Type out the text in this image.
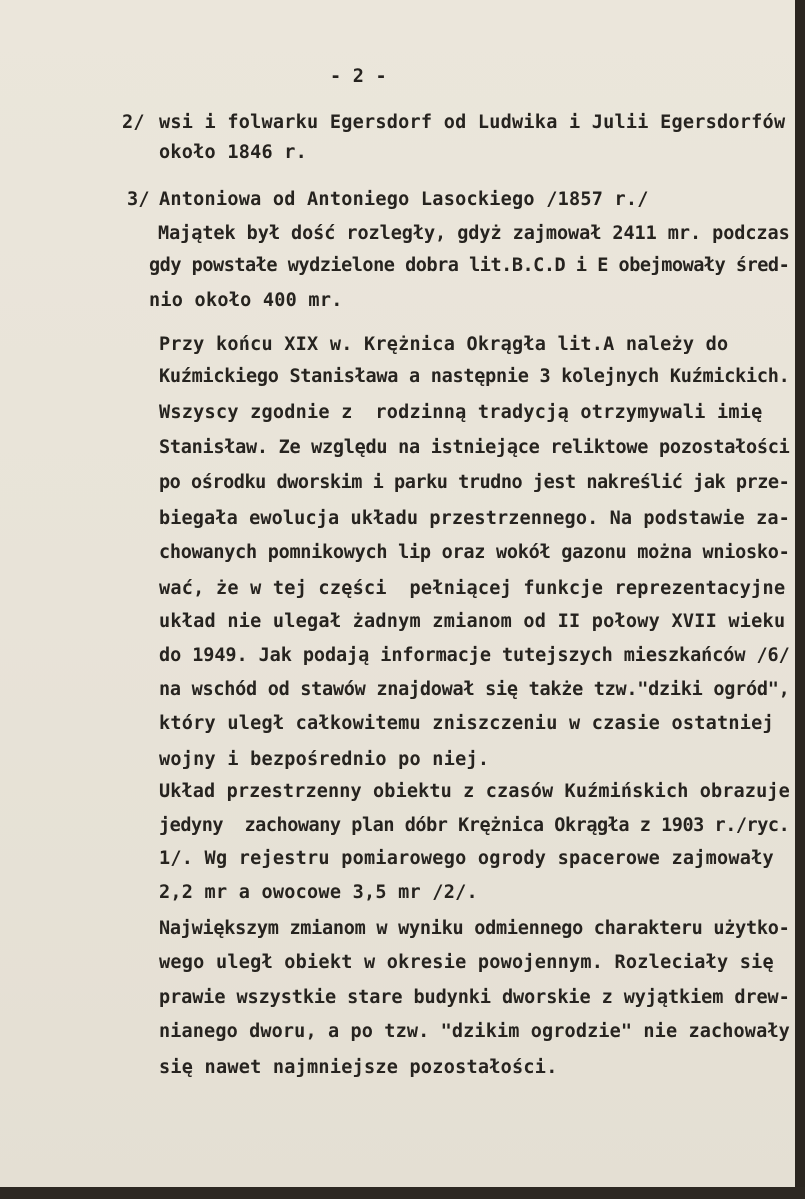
- 2 -
2/ wsi i folwarku Egersdorf od Ludwika i Julii Egersdorfów
około 1846 r.
3/ Antoniowa od Antoniego Lasockiego /1857 r./
Majątek był dość rozległy, gdyż zajmował 2411 mr. podczas
gdy powstałe wydzielone dobra lit.B.C.D i E obejmowały śred-
nio około 400 mr.
Przy końcu XIX w. Krężnica Okrągła lit.A należy do
Kuźmickiego Stanisława a następnie 3 kolejnych Kuźmickich.
Wszyscy zgodnie z  rodzinną tradycją otrzymywali imię
Stanisław. Ze względu na istniejące reliktowe pozostałości
po ośrodku dworskim i parku trudno jest nakreślić jak prze-
biegała ewolucja układu przestrzennego. Na podstawie za-
chowanych pomnikowych lip oraz wokół gazonu można wniosko-
wać, że w tej części  pełniącej funkcje reprezentacyjne
układ nie ulegał żadnym zmianom od II połowy XVII wieku
do 1949. Jak podają informacje tutejszych mieszkańców /6/
na wschód od stawów znajdował się także tzw."dziki ogród",
który uległ całkowitemu zniszczeniu w czasie ostatniej
wojny i bezpośrednio po niej.
Układ przestrzenny obiektu z czasów Kuźmińskich obrazuje
jedyny  zachowany plan dóbr Krężnica Okrągła z 1903 r./ryc.
1/. Wg rejestru pomiarowego ogrody spacerowe zajmowały
2,2 mr a owocowe 3,5 mr /2/.
Największym zmianom w wyniku odmiennego charakteru użytko-
wego uległ obiekt w okresie powojennym. Rozleciały się
prawie wszystkie stare budynki dworskie z wyjątkiem drew-
nianego dworu, a po tzw. "dzikim ogrodzie" nie zachowały
się nawet najmniejsze pozostałości.
